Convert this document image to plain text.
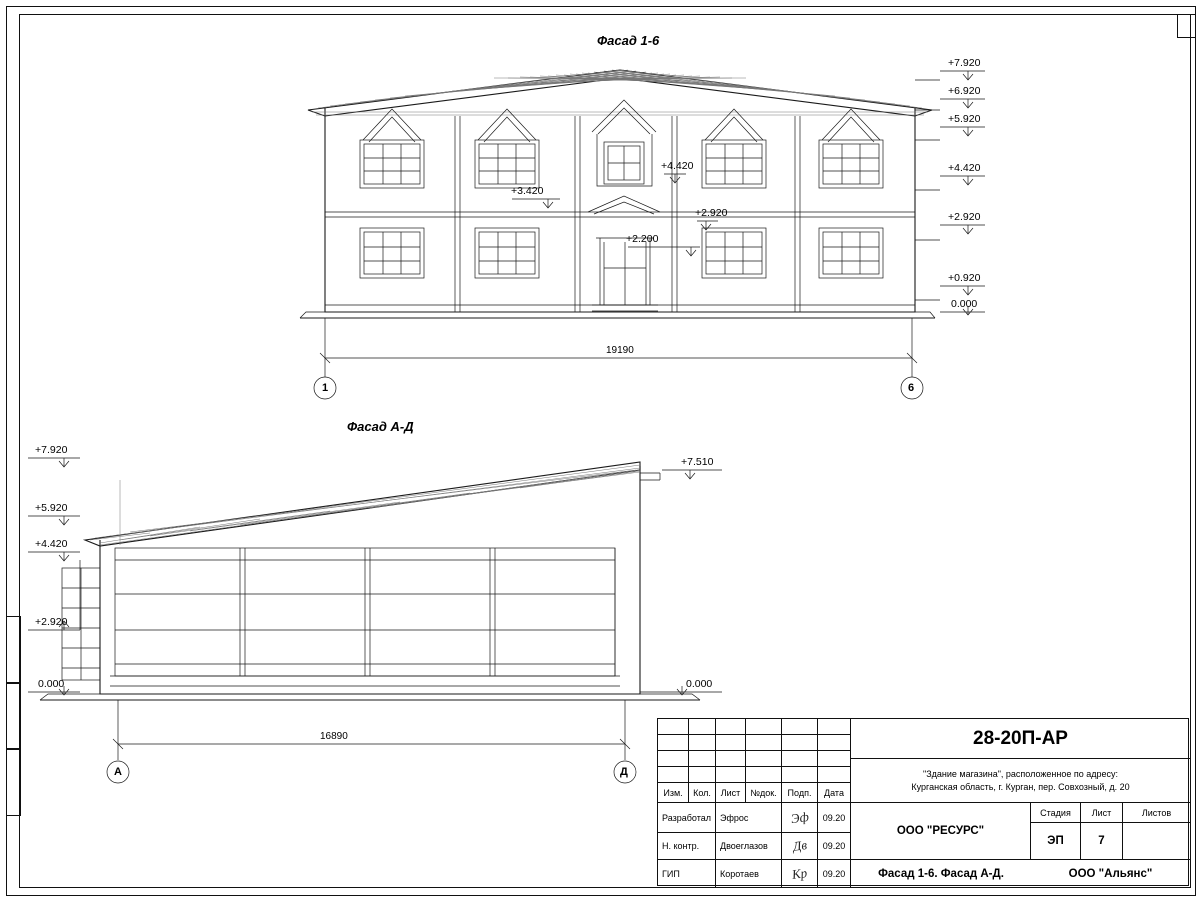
Фасад 1-6
Фасад А-Д
+7.920
+6.920
+5.920
+4.420
+2.920
+0.920
0.000
+4.420
+3.420
+2.920
+2.200
19190
1	6
+7.920
+5.920
+4.420
+2.920
0.000
+7.510
0.000
16890
А	Д
Изм.	Кол.	Лист	№док.	Подп.	Дата
Разработал	Эфрос	Эф	09.20
Н. контр.	Двоеглазов	Дв	09.20
ГИП	Коротаев	Кр	09.20
28-20П-АР
"Здание магазина", расположенное по адресу:
Курганская область, г. Курган, пер. Совхозный, д. 20
ООО "РЕСУРС"
Фасад 1-6. Фасад А-Д.
Стадия	Лист	Листов
ЭП	7
ООО "Альянс"
